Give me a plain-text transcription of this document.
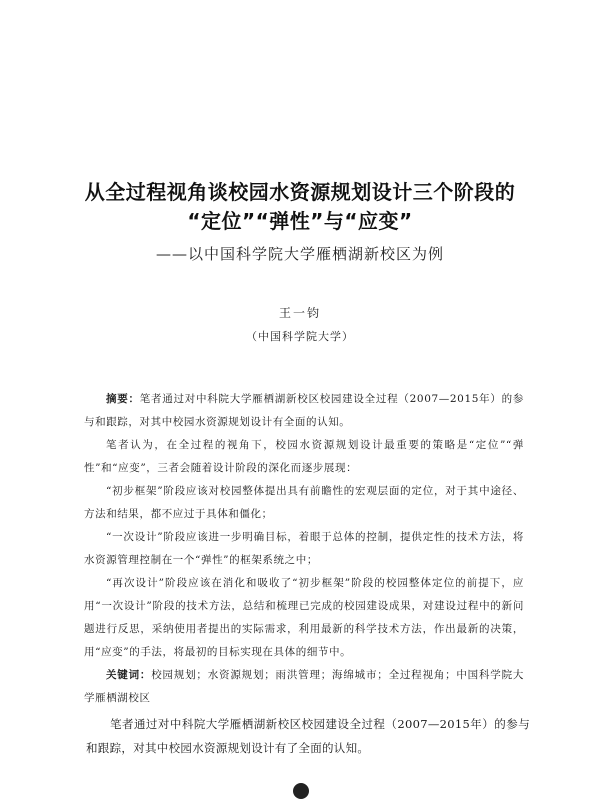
从全过程视角谈校园水资源规划设计三个阶段的
“定位”“弹性”与“应变”
——以中国科学院大学雁栖湖新校区为例
王一钧
（中国科学院大学）

摘要：笔者通过对中科院大学雁栖湖新校区校园建设全过程（2007—2015年）的参与和跟踪，对其中校园水资源规划设计有全面的认知。

笔者认为，在全过程的视角下，校园水资源规划设计最重要的策略是“定位”“弹性”和“应变”，三者会随着设计阶段的深化而逐步展现：

“初步框架”阶段应该对校园整体提出具有前瞻性的宏观层面的定位，对于其中途径、方法和结果，都不应过于具体和僵化；

“一次设计”阶段应该进一步明确目标，着眼于总体的控制，提供定性的技术方法，将水资源管理控制在一个“弹性”的框架系统之中；

“再次设计”阶段应该在消化和吸收了“初步框架”阶段的校园整体定位的前提下，应用“一次设计”阶段的技术方法，总结和梳理已完成的校园建设成果，对建设过程中的新问题进行反思，采纳使用者提出的实际需求，利用最新的科学技术方法，作出最新的决策，用“应变”的手法，将最初的目标实现在具体的细节中。

关键词：校园规划；水资源规划；雨洪管理；海绵城市；全过程视角；中国科学院大学雁栖湖校区

笔者通过对中科院大学雁栖湖新校区校园建设全过程（2007—2015年）的参与和跟踪，对其中校园水资源规划设计有了全面的认知。
